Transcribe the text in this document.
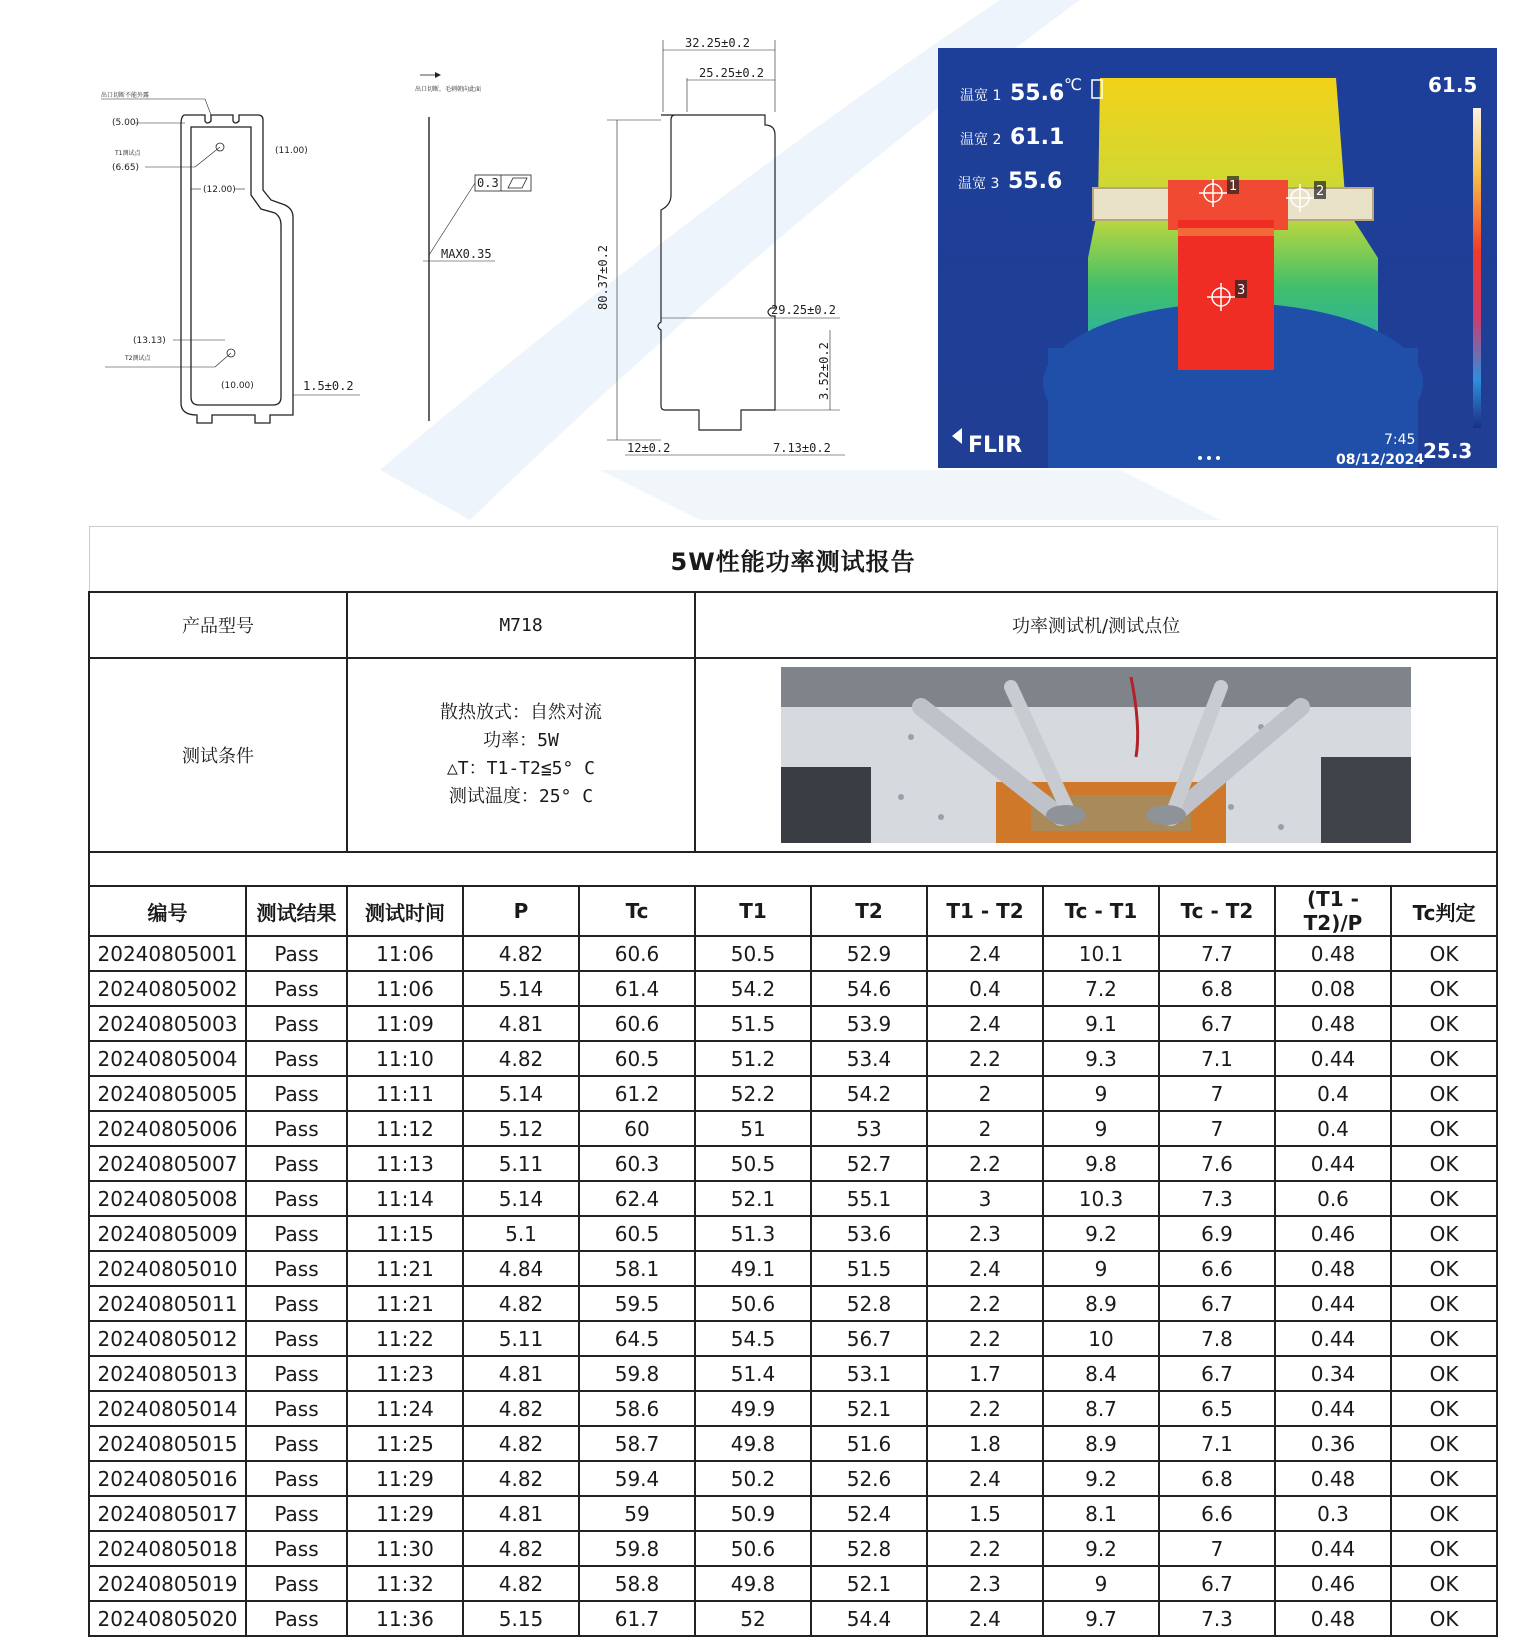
出口切断不能外露
(5.00)
T1测试点
(6.65)
(11.00)
(12.00)
(13.13)
T2测试点
(10.00)	1.5±0.2
出口切断，毛刺朝向此面
0.3
MAX0.35
32.25±0.2
25.25±0.2
80.37±0.2	29.25±0.2
3.52±0.2
12±0.2	7.13±0.2
1	2
3
温宽 1 55.6 ℃
温宽 2 61.1
温宽 3 55.6
61.5
25.3
7:45
08/12/2024
FLIR
5W性能功率测试报告											
产品型号		M718			功率测试机/测试点位						
测试条件		散热放式：自然对流
功率：5W
△T：T1-T2≦5° C
测试温度：25° C

编号	测试结果	测试时间	P	Tc	T1	T2	T1 - T2	Tc - T1	Tc - T2	(T1 - T2)/P	Tc判定
20240805001	Pass	11:06	4.82	60.6	50.5	52.9	2.4	10.1	7.7	0.48	OK
20240805002	Pass	11:06	5.14	61.4	54.2	54.6	0.4	7.2	6.8	0.08	OK
20240805003	Pass	11:09	4.81	60.6	51.5	53.9	2.4	9.1	6.7	0.48	OK
20240805004	Pass	11:10	4.82	60.5	51.2	53.4	2.2	9.3	7.1	0.44	OK
20240805005	Pass	11:11	5.14	61.2	52.2	54.2	2	9	7	0.4	OK
20240805006	Pass	11:12	5.12	60	51	53	2	9	7	0.4	OK
20240805007	Pass	11:13	5.11	60.3	50.5	52.7	2.2	9.8	7.6	0.44	OK
20240805008	Pass	11:14	5.14	62.4	52.1	55.1	3	10.3	7.3	0.6	OK
20240805009	Pass	11:15	5.1	60.5	51.3	53.6	2.3	9.2	6.9	0.46	OK
20240805010	Pass	11:21	4.84	58.1	49.1	51.5	2.4	9	6.6	0.48	OK
20240805011	Pass	11:21	4.82	59.5	50.6	52.8	2.2	8.9	6.7	0.44	OK
20240805012	Pass	11:22	5.11	64.5	54.5	56.7	2.2	10	7.8	0.44	OK
20240805013	Pass	11:23	4.81	59.8	51.4	53.1	1.7	8.4	6.7	0.34	OK
20240805014	Pass	11:24	4.82	58.6	49.9	52.1	2.2	8.7	6.5	0.44	OK
20240805015	Pass	11:25	4.82	58.7	49.8	51.6	1.8	8.9	7.1	0.36	OK
20240805016	Pass	11:29	4.82	59.4	50.2	52.6	2.4	9.2	6.8	0.48	OK
20240805017	Pass	11:29	4.81	59	50.9	52.4	1.5	8.1	6.6	0.3	OK
20240805018	Pass	11:30	4.82	59.8	50.6	52.8	2.2	9.2	7	0.44	OK
20240805019	Pass	11:32	4.82	58.8	49.8	52.1	2.3	9	6.7	0.46	OK
20240805020	Pass	11:36	5.15	61.7	52	54.4	2.4	9.7	7.3	0.48	OK
